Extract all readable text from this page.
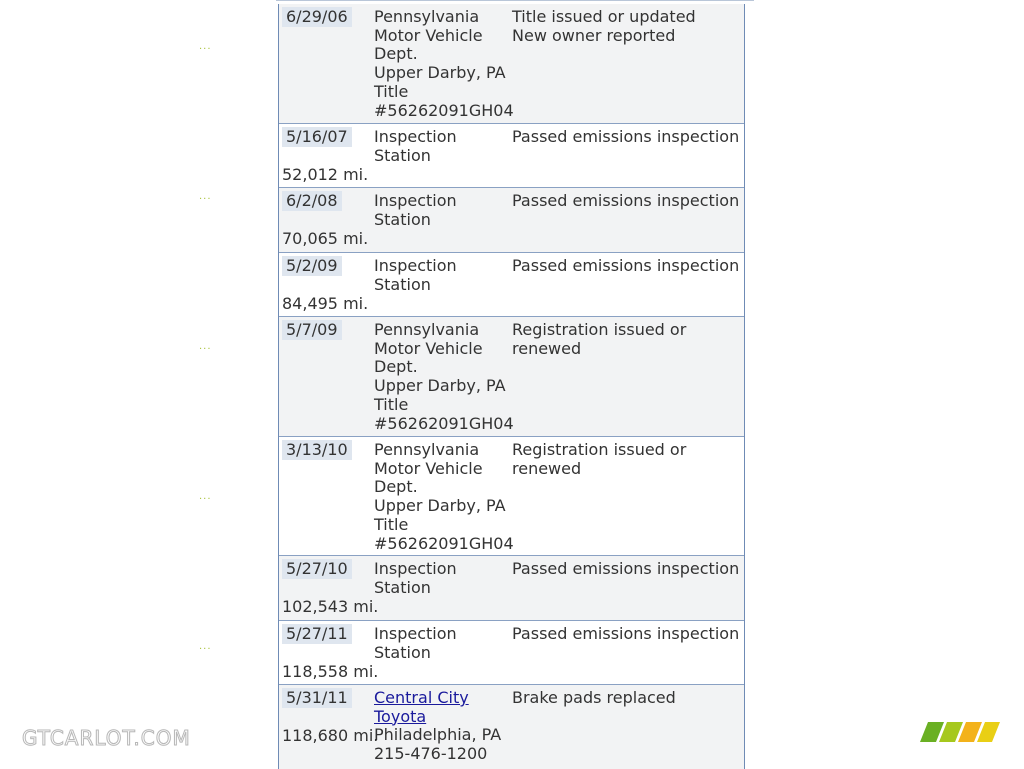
···
···
···
···
···
6/29/06 Pennsylvania
Motor Vehicle
Dept.
Upper Darby, PA
Title
#56262091GH04
Title issued or updated
New owner reported
5/16/07 Inspection Station
Passed emissions inspection
52,012 mi.
6/2/08 Inspection Station
Passed emissions inspection
70,065 mi.
5/2/09 Inspection Station
Passed emissions inspection
84,495 mi.
5/7/09 Pennsylvania
Motor Vehicle
Dept.
Upper Darby, PA
Title
#56262091GH04
Registration issued or renewed
3/13/10 Pennsylvania
Motor Vehicle
Dept.
Upper Darby, PA
Title
#56262091GH04
Registration issued or renewed
5/27/10 Inspection Station
Passed emissions inspection
102,543 mi.
5/27/11 Inspection Station
Passed emissions inspection
118,558 mi.
5/31/11 Central City
Toyota
Philadelphia, PA
215-476-1200
Brake pads replaced
118,680 mi.
GTCARLOT.COM
